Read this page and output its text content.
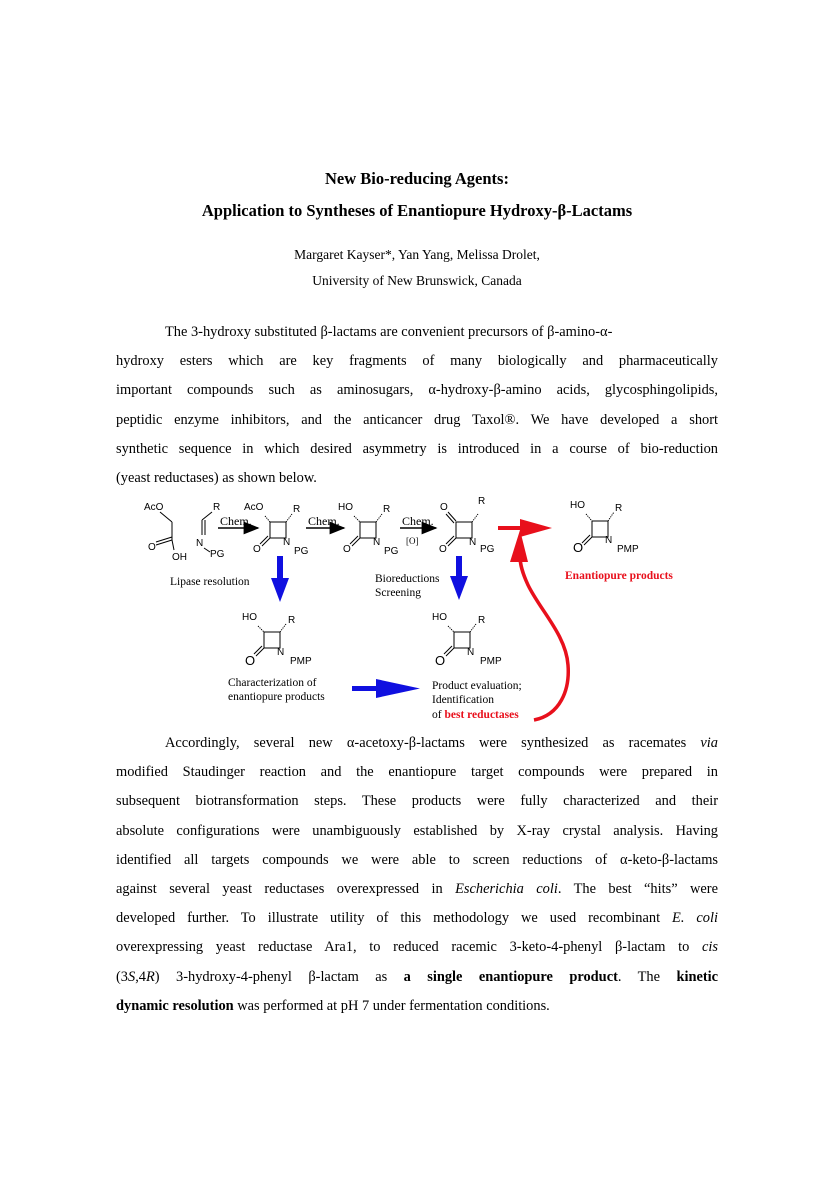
New Bio-reducing Agents:
Application to Syntheses of Enantiopure Hydroxy-β-Lactams
Margaret Kayser*, Yan Yang, Melissa Drolet,
University of New Brunswick, Canada
The 3-hydroxy substituted β-lactams are convenient precursors of β-amino-α-
hydroxy esters which are key fragments of many biologically and pharmaceutically
important compounds such as aminosugars, α-hydroxy-β-amino acids, glycosphingolipids,
peptidic enzyme inhibitors, and the anticancer drug Taxol®. We have developed a short
synthetic sequence in which desired asymmetry is introduced in a course of bio-reduction
(yeast reductases) as shown below.
AcO
O
OH
R
N
PG
Chem.
AcO	R
N
O	PG
Chem.
HO	R
N
O	PG
Chem.
[O]
O
R
N
O	PG
HO	R
N
O	PMP
HO	R
N
O	PMP
HO	R
N
O	PMP
Lipase resolution	Bioreductions
Screening
Enantiopure products
Characterization of
enantiopure products
Product evaluation;
Identification
of best reductases
Accordingly, several new α-acetoxy-β-lactams were synthesized as racemates via
modified Staudinger reaction and the enantiopure target compounds were prepared in
subsequent biotransformation steps. These products were fully characterized and their
absolute configurations were unambiguously established by X-ray crystal analysis. Having
identified all targets compounds we were able to screen reductions of α-keto-β-lactams
against several yeast reductases overexpressed in Escherichia coli. The best “hits” were
developed further. To illustrate utility of this methodology we used recombinant E. coli
overexpressing yeast reductase Ara1, to reduced racemic 3-keto-4-phenyl β-lactam to cis
(3S,4R) 3-hydroxy-4-phenyl β-lactam as a single enantiopure product. The kinetic
dynamic resolution was performed at pH 7 under fermentation conditions.
